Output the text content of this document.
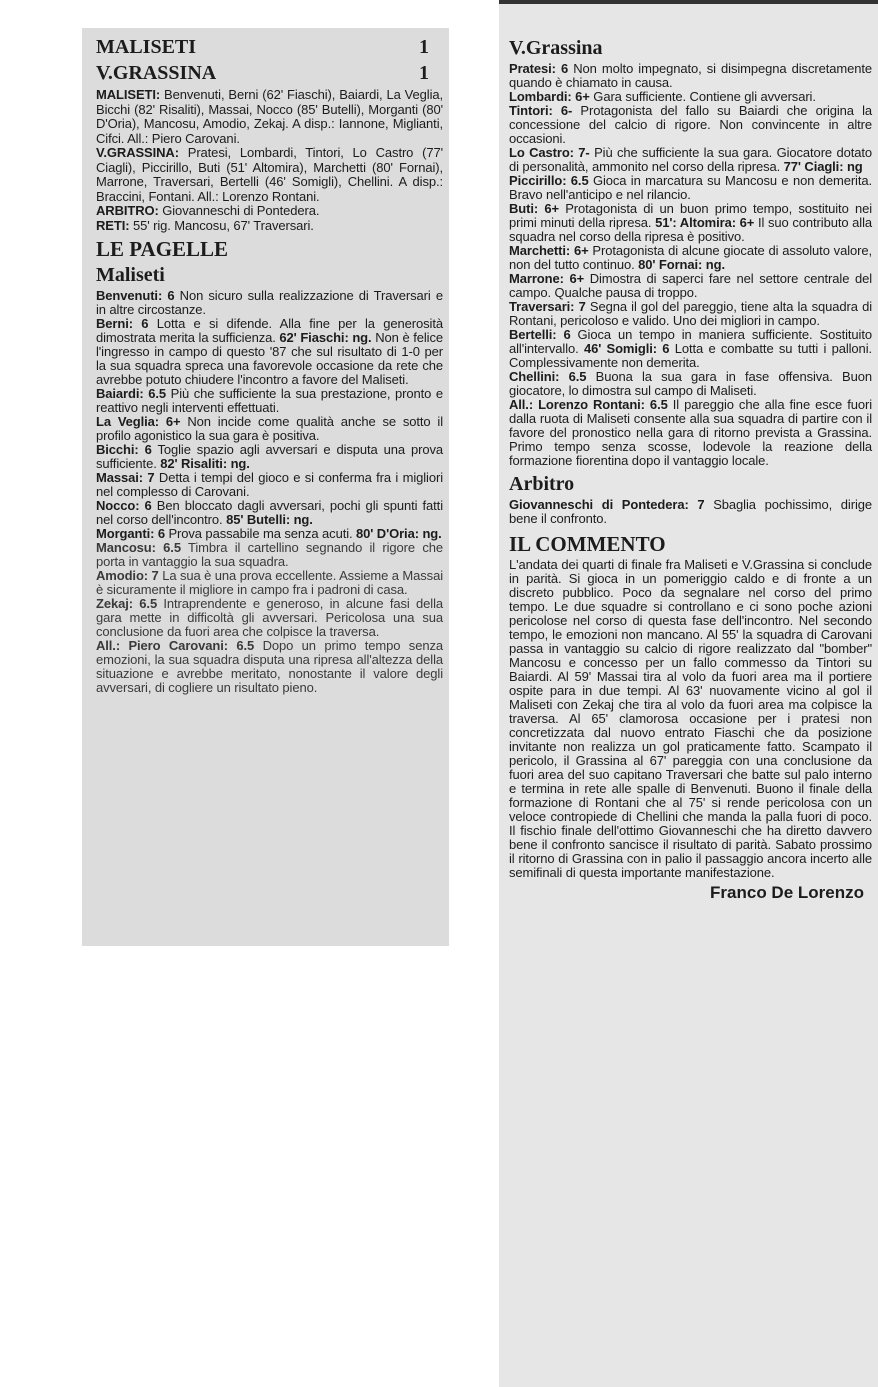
MALISETI	1
V.GRASSINA	1

MALISETI: Benvenuti, Berni (62' Fiaschi), Baiardi, La Veglia, Bicchi (82' Risaliti), Massai, Nocco (85' Butelli), Morganti (80' D'Oria), Mancosu, Amodio, Zekaj. A disp.: Iannone, Miglianti, Cifci. All.: Piero Carovani.

V.GRASSINA: Pratesi, Lombardi, Tintori, Lo Castro (77' Ciagli), Piccirillo, Buti (51' Altomira), Marchetti (80' Fornai), Marrone, Traversari, Bertelli (46' Somigli), Chellini. A disp.: Braccini, Fontani. All.: Lorenzo Rontani.

ARBITRO: Giovanneschi di Pontedera.

RETI: 55' rig. Mancosu, 67' Traversari.

LE PAGELLE
Maliseti

Benvenuti: 6 Non sicuro sulla realizzazione di Traversari e in altre circostanze.

Berni: 6 Lotta e si difende. Alla fine per la generosità dimostrata merita la sufficienza. 62' Fiaschi: ng. Non è felice l'ingresso in campo di questo '87 che sul risultato di 1-0 per la sua squadra spreca una favorevole occasione da rete che avrebbe potuto chiudere l'incontro a favore del Maliseti.

Baiardi: 6.5 Più che sufficiente la sua prestazione, pronto e reattivo negli interventi effettuati.

La Veglia: 6+ Non incide come qualità anche se sotto il profilo agonistico la sua gara è positiva.

Bicchi: 6 Toglie spazio agli avversari e disputa una prova sufficiente. 82' Risaliti: ng.

Massai: 7 Detta i tempi del gioco e si conferma fra i migliori nel complesso di Carovani.

Nocco: 6 Ben bloccato dagli avversari, pochi gli spunti fatti nel corso dell'incontro. 85' Butelli: ng.

Morganti: 6 Prova passabile ma senza acuti. 80' D'Oria: ng.

Mancosu: 6.5 Timbra il cartellino segnando il rigore che porta in vantaggio la sua squadra.

Amodio: 7 La sua è una prova eccellente. Assieme a Massai è sicuramente il migliore in campo fra i padroni di casa.

Zekaj: 6.5 Intraprendente e generoso, in alcune fasi della gara mette in difficoltà gli avversari. Pericolosa una sua conclusione da fuori area che colpisce la traversa.

All.: Piero Carovani: 6.5 Dopo un primo tempo senza emozioni, la sua squadra disputa una ripresa all'altezza della situazione e avrebbe meritato, nonostante il valore degli avversari, di cogliere un risultato pieno.

V.Grassina

Pratesi: 6 Non molto impegnato, si disimpegna discretamente quando è chiamato in causa.

Lombardi: 6+ Gara sufficiente. Contiene gli avversari.

Tintori: 6- Protagonista del fallo su Baiardi che origina la concessione del calcio di rigore. Non convincente in altre occasioni.

Lo Castro: 7- Più che sufficiente la sua gara. Giocatore dotato di personalità, ammonito nel corso della ripresa. 77' Ciagli: ng

Piccirillo: 6.5 Gioca in marcatura su Mancosu e non demerita. Bravo nell'anticipo e nel rilancio.

Buti: 6+ Protagonista di un buon primo tempo, sostituito nei primi minuti della ripresa. 51': Altomira: 6+ Il suo contributo alla squadra nel corso della ripresa è positivo.

Marchetti: 6+ Protagonista di alcune giocate di assoluto valore, non del tutto continuo. 80' Fornai: ng.

Marrone: 6+ Dimostra di saperci fare nel settore centrale del campo. Qualche pausa di troppo.

Traversari: 7 Segna il gol del pareggio, tiene alta la squadra di Rontani, pericoloso e valido. Uno dei migliori in campo.

Bertelli: 6 Gioca un tempo in maniera sufficiente. Sostituito all'intervallo. 46' Somigli: 6 Lotta e combatte su tutti i palloni. Complessivamente non demerita.

Chellini: 6.5 Buona la sua gara in fase offensiva. Buon giocatore, lo dimostra sul campo di Maliseti.

All.: Lorenzo Rontani: 6.5 Il pareggio che alla fine esce fuori dalla ruota di Maliseti consente alla sua squadra di partire con il favore del pronostico nella gara di ritorno prevista a Grassina. Primo tempo senza scosse, lodevole la reazione della formazione fiorentina dopo il vantaggio locale.

Arbitro

Giovanneschi di Pontedera: 7 Sbaglia pochissimo, dirige bene il confronto.

IL COMMENTO

L'andata dei quarti di finale fra Maliseti e V.Grassina si conclude in parità. Si gioca in un pomeriggio caldo e di fronte a un discreto pubblico. Poco da segnalare nel corso del primo tempo. Le due squadre si controllano e ci sono poche azioni pericolose nel corso di questa fase dell'incontro. Nel secondo tempo, le emozioni non mancano. Al 55' la squadra di Carovani passa in vantaggio su calcio di rigore realizzato dal "bomber" Mancosu e concesso per un fallo commesso da Tintori su Baiardi. Al 59' Massai tira al volo da fuori area ma il portiere ospite para in due tempi. Al 63' nuovamente vicino al gol il Maliseti con Zekaj che tira al volo da fuori area ma colpisce la traversa. Al 65' clamorosa occasione per i pratesi non concretizzata dal nuovo entrato Fiaschi che da posizione invitante non realizza un gol praticamente fatto. Scampato il pericolo, il Grassina al 67' pareggia con una conclusione da fuori area del suo capitano Traversari che batte sul palo interno e termina in rete alle spalle di Benvenuti. Buono il finale della formazione di Rontani che al 75' si rende pericolosa con un veloce contropiede di Chellini che manda la palla fuori di poco. Il fischio finale dell'ottimo Giovanneschi che ha diretto davvero bene il confronto sancisce il risultato di parità. Sabato prossimo il ritorno di Grassina con in palio il passaggio ancora incerto alle semifinali di questa importante manifestazione.

Franco De Lorenzo
